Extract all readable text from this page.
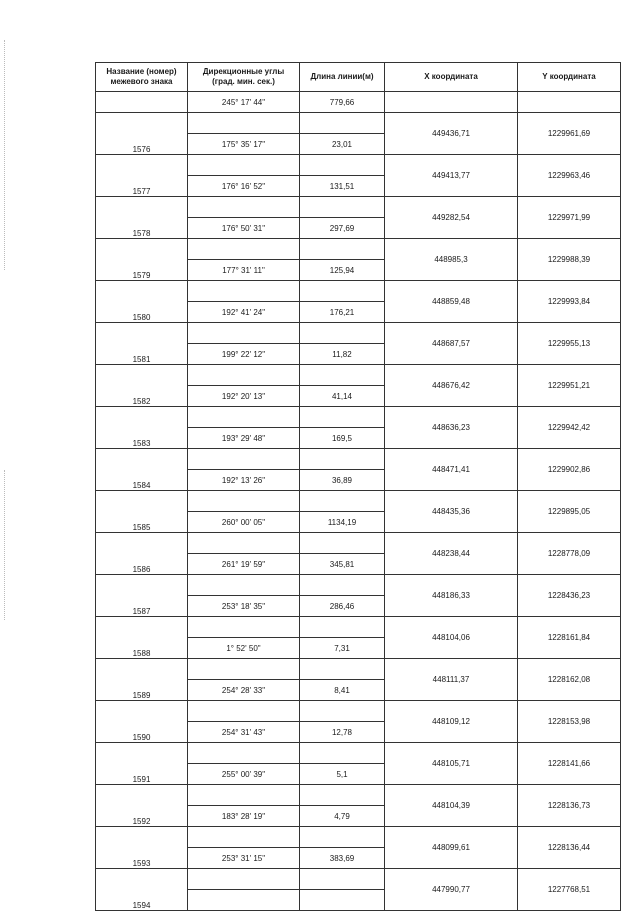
Название (номер) межевого знака	Дирекционные углы (град. мин. сек.)	Длина линии(м)	X координата	Y координата
	245° 17' 44"	779,66		
1576			449436,71	1229961,69
	175° 35' 17"	23,01		
1577			449413,77	1229963,46
	176° 16' 52"	131,51		
1578			449282,54	1229971,99
	176° 50' 31"	297,69		
1579			448985,3	1229988,39
	177° 31' 11"	125,94		
1580			448859,48	1229993,84
	192° 41' 24"	176,21		
1581			448687,57	1229955,13
	199° 22' 12"	11,82		
1582			448676,42	1229951,21
	192° 20' 13"	41,14		
1583			448636,23	1229942,42
	193° 29' 48"	169,5		
1584			448471,41	1229902,86
	192° 13' 26"	36,89		
1585			448435,36	1229895,05
	260° 00' 05"	1134,19		
1586			448238,44	1228778,09
	261° 19' 59"	345,81		
1587			448186,33	1228436,23
	253° 18' 35"	286,46		
1588			448104,06	1228161,84
	1° 52' 50"	7,31		
1589			448111,37	1228162,08
	254° 28' 33"	8,41		
1590			448109,12	1228153,98
	254° 31' 43"	12,78		
1591			448105,71	1228141,66
	255° 00' 39"	5,1		
1592			448104,39	1228136,73
	183° 28' 19"	4,79		
1593			448099,61	1228136,44
	253° 31' 15"	383,69		
1594			447990,77	1227768,51
